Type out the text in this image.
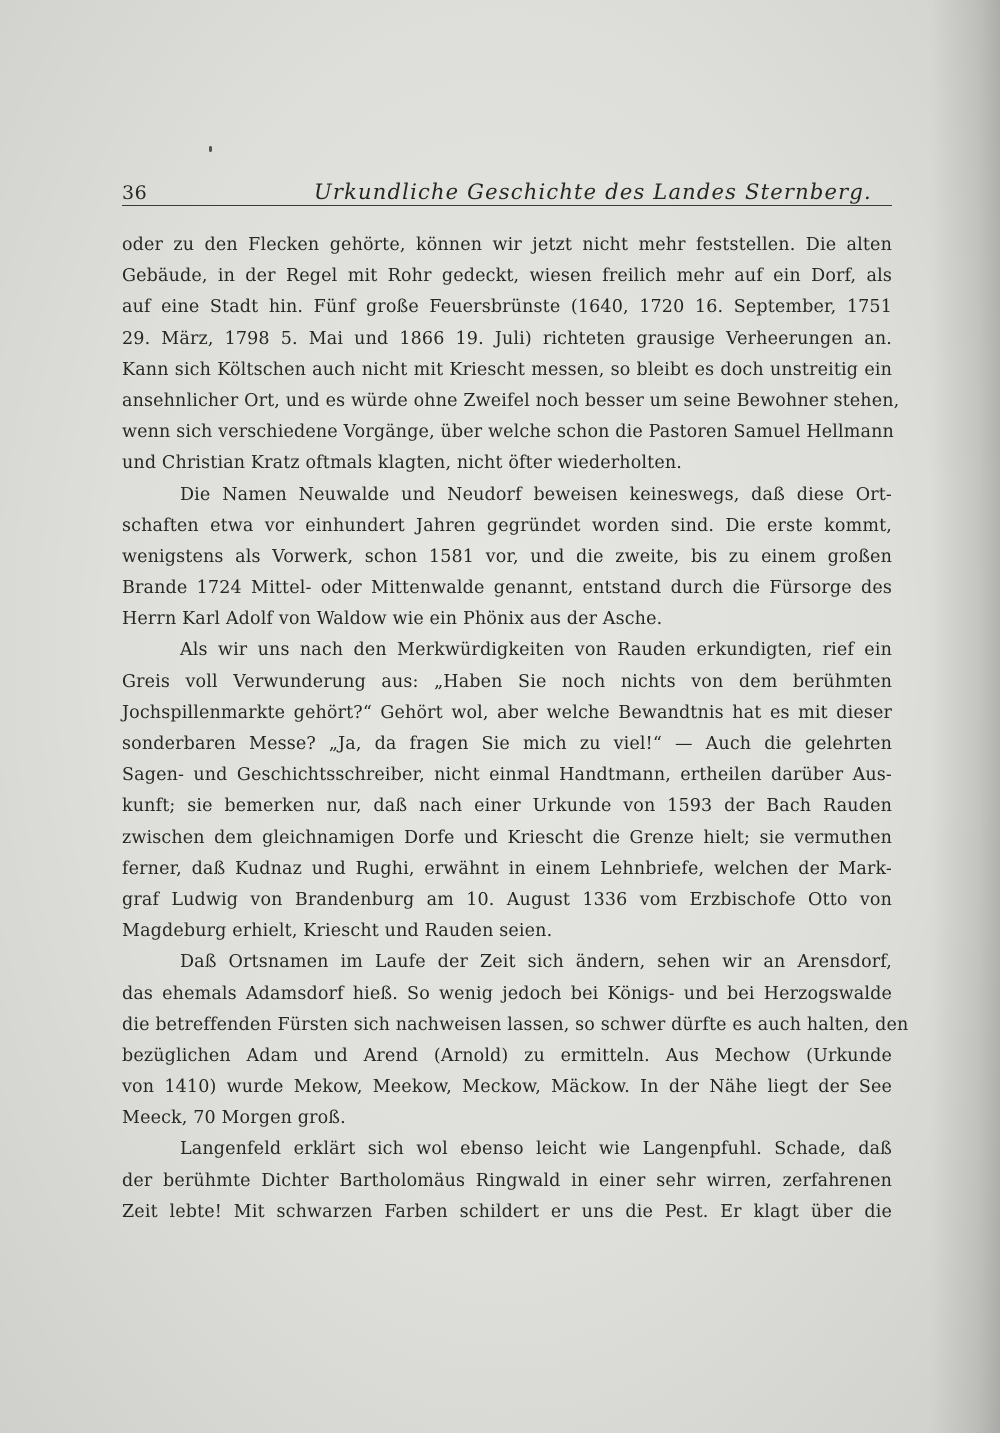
36	Urkundliche Geschichte des Landes Sternberg.
oder zu den Flecken gehörte, können wir jetzt nicht mehr feststellen. Die alten
Gebäude, in der Regel mit Rohr gedeckt, wiesen freilich mehr auf ein Dorf, als
auf eine Stadt hin. Fünf große Feuersbrünste (1640, 1720 16. September, 1751
29. März, 1798 5. Mai und 1866 19. Juli) richteten grausige Verheerungen an.
Kann sich Költschen auch nicht mit Kriescht messen, so bleibt es doch unstreitig ein
ansehnlicher Ort, und es würde ohne Zweifel noch besser um seine Bewohner stehen,
wenn sich verschiedene Vorgänge, über welche schon die Pastoren Samuel Hellmann
und Christian Kratz oftmals klagten, nicht öfter wiederholten.
Die Namen Neuwalde und Neudorf beweisen keineswegs, daß diese Ort-
schaften etwa vor einhundert Jahren gegründet worden sind. Die erste kommt,
wenigstens als Vorwerk, schon 1581 vor, und die zweite, bis zu einem großen
Brande 1724 Mittel- oder Mittenwalde genannt, entstand durch die Fürsorge des
Herrn Karl Adolf von Waldow wie ein Phönix aus der Asche.
Als wir uns nach den Merkwürdigkeiten von Rauden erkundigten, rief ein
Greis voll Verwunderung aus: „Haben Sie noch nichts von dem berühmten
Jochspillenmarkte gehört?“ Gehört wol, aber welche Bewandtnis hat es mit dieser
sonderbaren Messe? „Ja, da fragen Sie mich zu viel!“ — Auch die gelehrten
Sagen- und Geschichtsschreiber, nicht einmal Handtmann, ertheilen darüber Aus-
kunft; sie bemerken nur, daß nach einer Urkunde von 1593 der Bach Rauden
zwischen dem gleichnamigen Dorfe und Kriescht die Grenze hielt; sie vermuthen
ferner, daß Kudnaz und Rughi, erwähnt in einem Lehnbriefe, welchen der Mark-
graf Ludwig von Brandenburg am 10. August 1336 vom Erzbischofe Otto von
Magdeburg erhielt, Kriescht und Rauden seien.
Daß Ortsnamen im Laufe der Zeit sich ändern, sehen wir an Arensdorf,
das ehemals Adamsdorf hieß. So wenig jedoch bei Königs- und bei Herzogswalde
die betreffenden Fürsten sich nachweisen lassen, so schwer dürfte es auch halten, den
bezüglichen Adam und Arend (Arnold) zu ermitteln. Aus Mechow (Urkunde
von 1410) wurde Mekow, Meekow, Meckow, Mäckow. In der Nähe liegt der See
Meeck, 70 Morgen groß.
Langenfeld erklärt sich wol ebenso leicht wie Langenpfuhl. Schade, daß
der berühmte Dichter Bartholomäus Ringwald in einer sehr wirren, zerfahrenen
Zeit lebte! Mit schwarzen Farben schildert er uns die Pest. Er klagt über die
